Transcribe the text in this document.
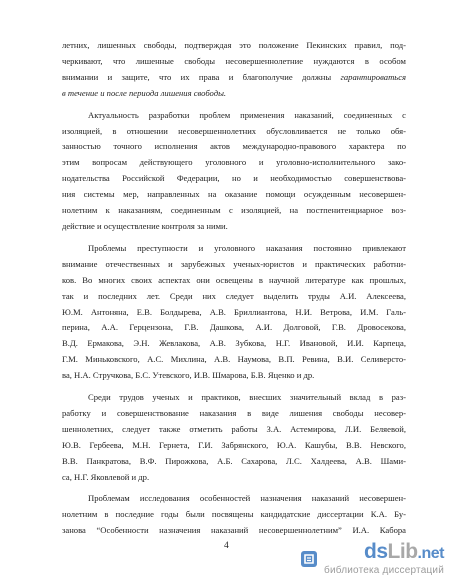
летних, лишенных свободы, подтверждая это положение Пекинских правил, под-
черкивают, что лишенные свободы несовершеннолетние нуждаются в особом
внимании и защите, что их права и благополучие должны гарантироваться
в течение и после периода лишения свободы.
Актуальность разработки проблем применения наказаний, соединенных с
изоляцией, в отношении несовершеннолетних обусловливается не только обя-
занностью точного исполнения актов международно-правового характера по
этим вопросам действующего уголовного и уголовно-исполнительного зако-
нодательства Российской Федерации, но и необходимостью совершенствова-
ния системы мер, направленных на оказание помощи осужденным несовершен-
нолетним к наказаниям, соединенным с изоляцией, на постпенитенциарное воз-
действие и осуществление контроля за ними.
Проблемы преступности и уголовного наказания постоянно привлекают
внимание отечественных и зарубежных ученых-юристов и практических работни-
ков. Во многих своих аспектах они освещены в научной литературе как прошлых,
так и последних лет. Среди них следует выделить труды А.И. Алексеева,
Ю.М. Антоняна, Е.В. Болдырева, А.В. Бриллиантова, Н.И. Ветрова, И.М. Галь-
перина, А.А. Герцензона, Г.В. Дашкова, А.И. Долговой, Г.В. Дровосекова,
В.Д. Ермакова, Э.Н. Жевлакова, А.В. Зубкова, Н.Г. Ивановой, И.И. Карпеца,
Г.М. Миньковского, А.С. Михлина, А.В. Наумова, В.П. Ревина, В.И. Селиверсто-
ва, Н.А. Стручкова, Б.С. Утевского, И.В. Шмарова, Б.В. Яценко и др.
Среди трудов ученых и практиков, внесших значительный вклад в раз-
работку и совершенствование наказания в виде лишения свободы несовер-
шеннолетних, следует также отметить работы З.А. Астемирова, Л.И. Беляевой,
Ю.В. Гербеева, М.Н. Гернета, Г.И. Забрянского, Ю.А. Кашубы, В.В. Невского,
В.В. Панкратова, В.Ф. Пирожкова, А.Б. Сахарова, Л.С. Халдеева, А.В. Шами-
са, Н.Г. Яковлевой и др.
Проблемам исследования особенностей назначения наказаний несовершен-
нолетним в последние годы были посвящены кандидатские диссертации К.А. Бу-
занова “Особенности назначения наказаний несовершеннолетним” И.А. Кабора
4	dsLib.net
библиотека диссертаций
